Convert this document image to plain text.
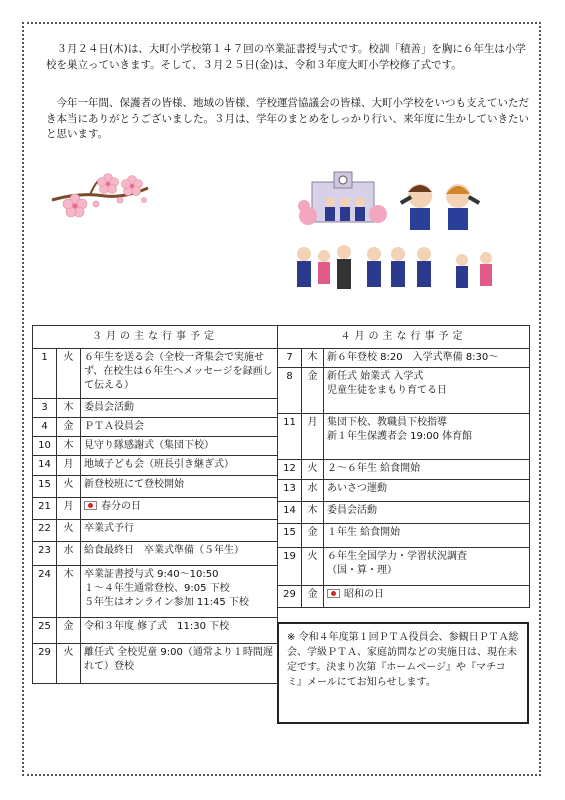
３月２４日(木)は、大町小学校第１４７回の卒業証書授与式です。校訓「積善」を胸に６年生は小学校を巣立っていきます。そして、３月２５日(金)は、令和３年度大町小学校修了式です。

今年一年間、保護者の皆様、地域の皆様、学校運営協議会の皆様、大町小学校をいつも支えていただき本当にありがとうございました。３月は、学年のまとめをしっかり行い、来年度に生かしていきたいと思います。

３月の主な行事予定		
1	火	６年生を送る会（全校一斉集会で実施せず、在校生は６年生へメッセージを録画して伝える）
3	木	委員会活動
4	金	ＰＴＡ役員会
10	木	見守り隊感謝式（集団下校）
14	月	地域子ども会（班長引き継ぎ式）
15	火	新登校班にて登校開始
21	月	春分の日
22	火	卒業式予行
23	水	給食最終日　卒業式準備（５年生）
24	木	卒業証書授与式 9:40～10:50
１～４年生通常登校、9:05 下校
５年生はオンライン参加 11:45 下校
25	金	令和３年度 修了式　11:30 下校
29	火	離任式 全校児童 9:00（通常より１時間遅れて）登校
４月の主な行事予定		
7	木	新６年登校 8:20　入学式準備 8:30～
8	金	新任式 始業式 入学式
児童生徒をまもり育てる日
11	月	集団下校、教職員下校指導
新１年生保護者会 19:00 体育館
12	火	２～６年生 給食開始
13	水	あいさつ運動
14	木	委員会活動
15	金	１年生 給食開始
19	火	６年生全国学力・学習状況調査
（国・算・理）
29	金	昭和の日
※ 令和４年度第１回ＰＴＡ役員会、参観日ＰＴＡ総会、学級ＰＴＡ、家庭訪問などの実施日は、現在未定です。決まり次第『ホームページ』や『マチコミ』メールにてお知らせします。
